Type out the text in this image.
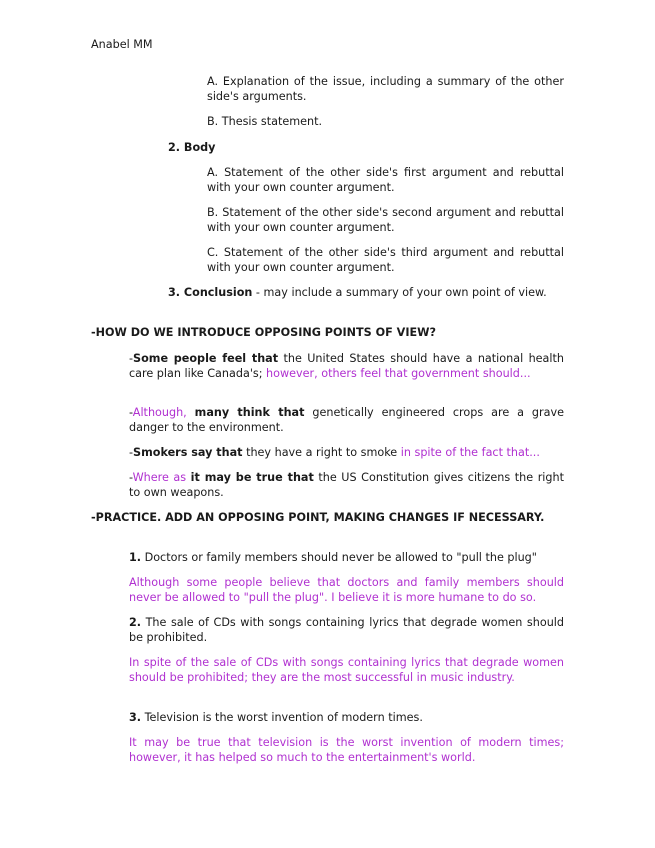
Anabel MM
A. Explanation of the issue, including a summary of the other side's arguments.
B. Thesis statement.
2. Body
A. Statement of the other side's first argument and rebuttal with your own counter argument.
B. Statement of the other side's second argument and rebuttal with your own counter argument.
C. Statement of the other side's third argument and rebuttal with your own counter argument.
3. Conclusion - may include a summary of your own point of view.
-HOW DO WE INTRODUCE OPPOSING POINTS OF VIEW?
-Some people feel that the United States should have a national health care plan like Canada's; however, others feel that government should...
-Although, many think that genetically engineered crops are a grave danger to the environment.
-Smokers say that they have a right to smoke in spite of the fact that...
-Where as it may be true that the US Constitution gives citizens the right to own weapons.
-PRACTICE. ADD AN OPPOSING POINT, MAKING CHANGES IF NECESSARY.
1. Doctors or family members should never be allowed to "pull the plug"
Although some people believe that doctors and family members should never be allowed to "pull the plug". I believe it is more humane to do so.
2. The sale of CDs with songs containing lyrics that degrade women should be prohibited.
In spite of the sale of CDs with songs containing lyrics that degrade women should be prohibited; they are the most successful in music industry.
3. Television is the worst invention of modern times.
It may be true that television is the worst invention of modern times; however, it has helped so much to the entertainment's world.
